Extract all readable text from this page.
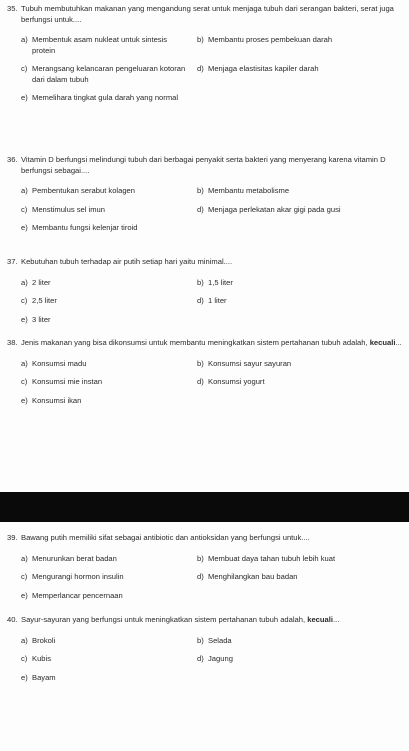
35. Tubuh membutuhkan makanan yang mengandung serat untuk menjaga tubuh dari serangan bakteri, serat juga berfungsi untuk....
a) Membentuk asam nukleat untuk sintesis protein
b) Membantu proses pembekuan darah
c) Merangsang kelancaran pengeluaran kotoran dari dalam tubuh
d) Menjaga elastisitas kapiler darah
e) Memelihara tingkat gula darah yang normal
36. Vitamin D berfungsi melindungi tubuh dari berbagai penyakit serta bakteri yang menyerang karena vitamin D berfungsi sebagai....
a) Pembentukan serabut kolagen	b) Membantu metabolisme
c) Menstimulus sel imun	d) Menjaga perlekatan akar gigi pada gusi
e) Membantu fungsi kelenjar tiroid
37. Kebutuhan tubuh terhadap air putih setiap hari yaitu minimal....
a) 2 liter	b) 1,5 liter
c) 2,5 liter	d) 1 liter
e) 3 liter
38. Jenis makanan yang bisa dikonsumsi untuk membantu meningkatkan sistem pertahanan tubuh adalah, kecuali...
a) Konsumsi madu	b) Konsumsi sayur sayuran
c) Konsumsi mie instan	d) Konsumsi yogurt
e) Konsumsi ikan
39. Bawang putih memiliki sifat sebagai antibiotic dan antioksidan yang berfungsi untuk....
a) Menurunkan berat badan	b) Membuat daya tahan tubuh lebih kuat
c) Mengurangi hormon insulin	d) Menghilangkan bau badan
e) Memperlancar pencernaan
40. Sayur-sayuran yang berfungsi untuk meningkatkan sistem pertahanan tubuh adalah, kecuali...
a) Brokoli	b) Selada
c) Kubis	d) Jagung
e) Bayam
